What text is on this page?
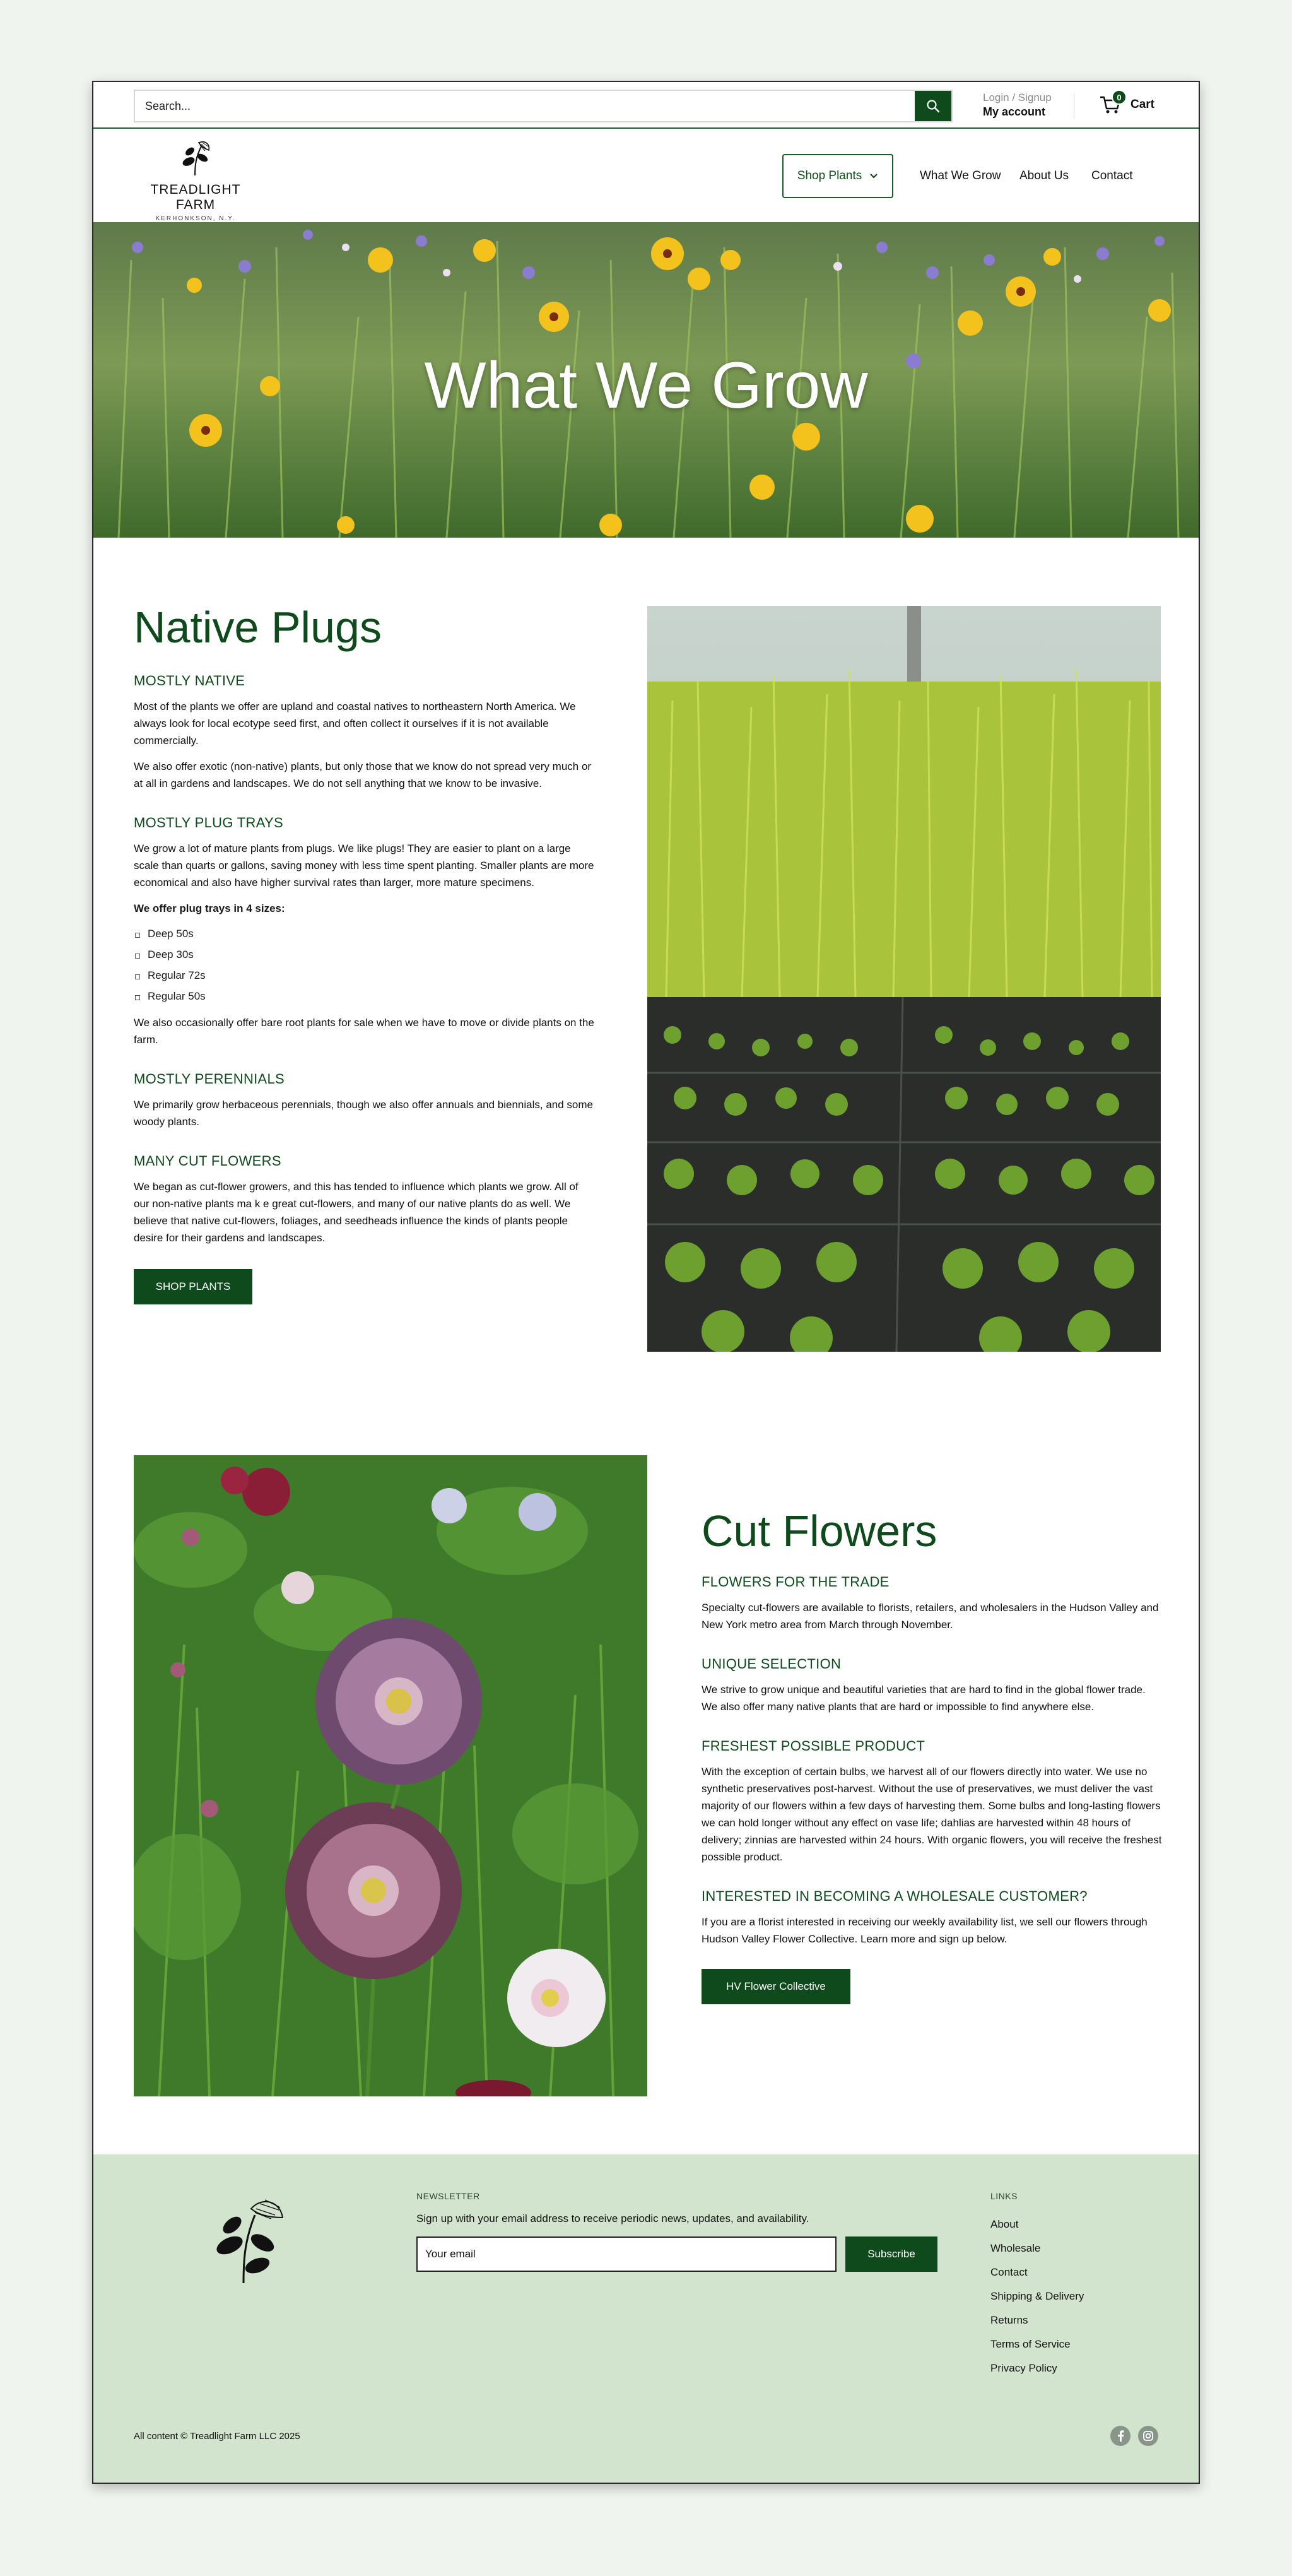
Search...
Login / Signup
My account
0
Cart
TREADLIGHT FARM
KERHONKSON, N.Y.
Shop Plants	What We Grow About Us Contact
What We Grow
Native Plugs
MOSTLY NATIVE

Most of the plants we offer are upland and coastal natives to northeastern North America. We always look for local ecotype seed first, and often collect it ourselves if it is not available commercially.

We also offer exotic (non-native) plants, but only those that we know do not spread very much or at all in gardens and landscapes. We do not sell anything that we know to be invasive.

MOSTLY PLUG TRAYS

We grow a lot of mature plants from plugs. We like plugs! They are easier to plant on a large scale than quarts or gallons, saving money with less time spent planting. Smaller plants are more economical and also have higher survival rates than larger, more mature specimens.

We offer plug trays in 4 sizes:

Deep 50s
Deep 30s
Regular 72s
Regular 50s

We also occasionally offer bare root plants for sale when we have to move or divide plants on the farm.

MOSTLY PERENNIALS

We primarily grow herbaceous perennials, though we also offer annuals and biennials, and some woody plants.

MANY CUT FLOWERS

We began as cut-flower growers, and this has tended to influence which plants we grow. All of our non-native plants ma k e great cut-flowers, and many of our native plants do as well. We believe that native cut-flowers, foliages, and seedheads influence the kinds of plants people desire for their gardens and landscapes.

SHOP PLANTS
Cut Flowers
FLOWERS FOR THE TRADE

Specialty cut-flowers are available to florists, retailers, and wholesalers in the Hudson Valley and New York metro area from March through November.

UNIQUE SELECTION

We strive to grow unique and beautiful varieties that are hard to find in the global flower trade. We also offer many native plants that are hard or impossible to find anywhere else.

FRESHEST POSSIBLE PRODUCT

With the exception of certain bulbs, we harvest all of our flowers directly into water. We use no synthetic preservatives post-harvest. Without the use of preservatives, we must deliver the vast majority of our flowers within a few days of harvesting them. Some bulbs and long-lasting flowers we can hold longer without any effect on vase life; dahlias are harvested within 48 hours of delivery; zinnias are harvested within 24 hours. With organic flowers, you will receive the freshest possible product.

INTERESTED IN BECOMING A WHOLESALE CUSTOMER?

If you are a florist interested in receiving our weekly availability list, we sell our flowers through Hudson Valley Flower Collective. Learn more and sign up below.

HV Flower Collective
NEWSLETTER
Sign up with your email address to receive periodic news, updates, and availability.
Your email
Subscribe
LINKS
About
Wholesale
Contact
Shipping & Delivery
Returns
Terms of Service
Privacy Policy
All content © Treadlight Farm LLC 2025
